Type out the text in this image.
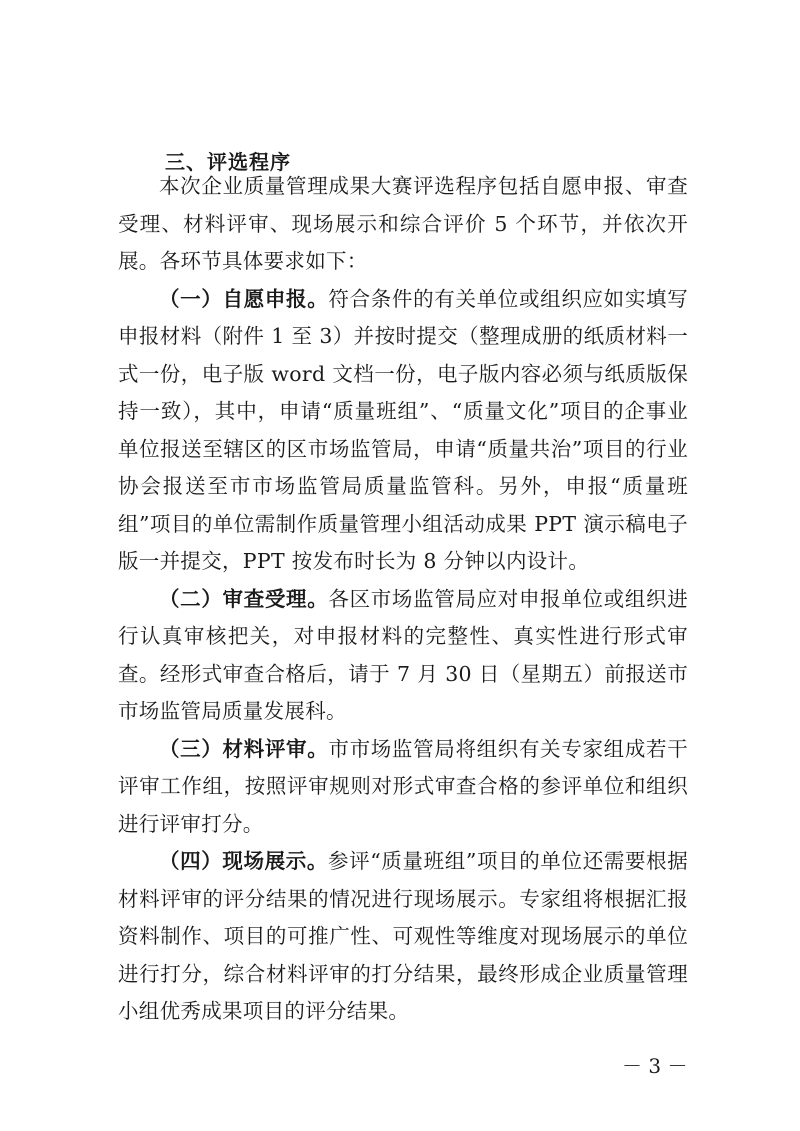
三、评选程序

本次企业质量管理成果大赛评选程序包括自愿申报、审查受理、材料评审、现场展示和综合评价 5 个环节，并依次开展。各环节具体要求如下：

（一）自愿申报。符合条件的有关单位或组织应如实填写申报材料（附件 1 至 3）并按时提交（整理成册的纸质材料一式一份，电子版 word 文档一份，电子版内容必须与纸质版保持一致），其中，申请“质量班组”、“质量文化”项目的企事业单位报送至辖区的区市场监管局，申请“质量共治”项目的行业协会报送至市市场监管局质量监管科。另外，申报“质量班组”项目的单位需制作质量管理小组活动成果 PPT 演示稿电子版一并提交，PPT 按发布时长为 8 分钟以内设计。

（二）审查受理。各区市场监管局应对申报单位或组织进行认真审核把关，对申报材料的完整性、真实性进行形式审查。经形式审查合格后，请于 7 月 30 日（星期五）前报送市市场监管局质量发展科。

（三）材料评审。市市场监管局将组织有关专家组成若干评审工作组，按照评审规则对形式审查合格的参评单位和组织进行评审打分。

（四）现场展示。参评“质量班组”项目的单位还需要根据材料评审的评分结果的情况进行现场展示。专家组将根据汇报资料制作、项目的可推广性、可观性等维度对现场展示的单位进行打分，综合材料评审的打分结果，最终形成企业质量管理小组优秀成果项目的评分结果。

－ 3 －
